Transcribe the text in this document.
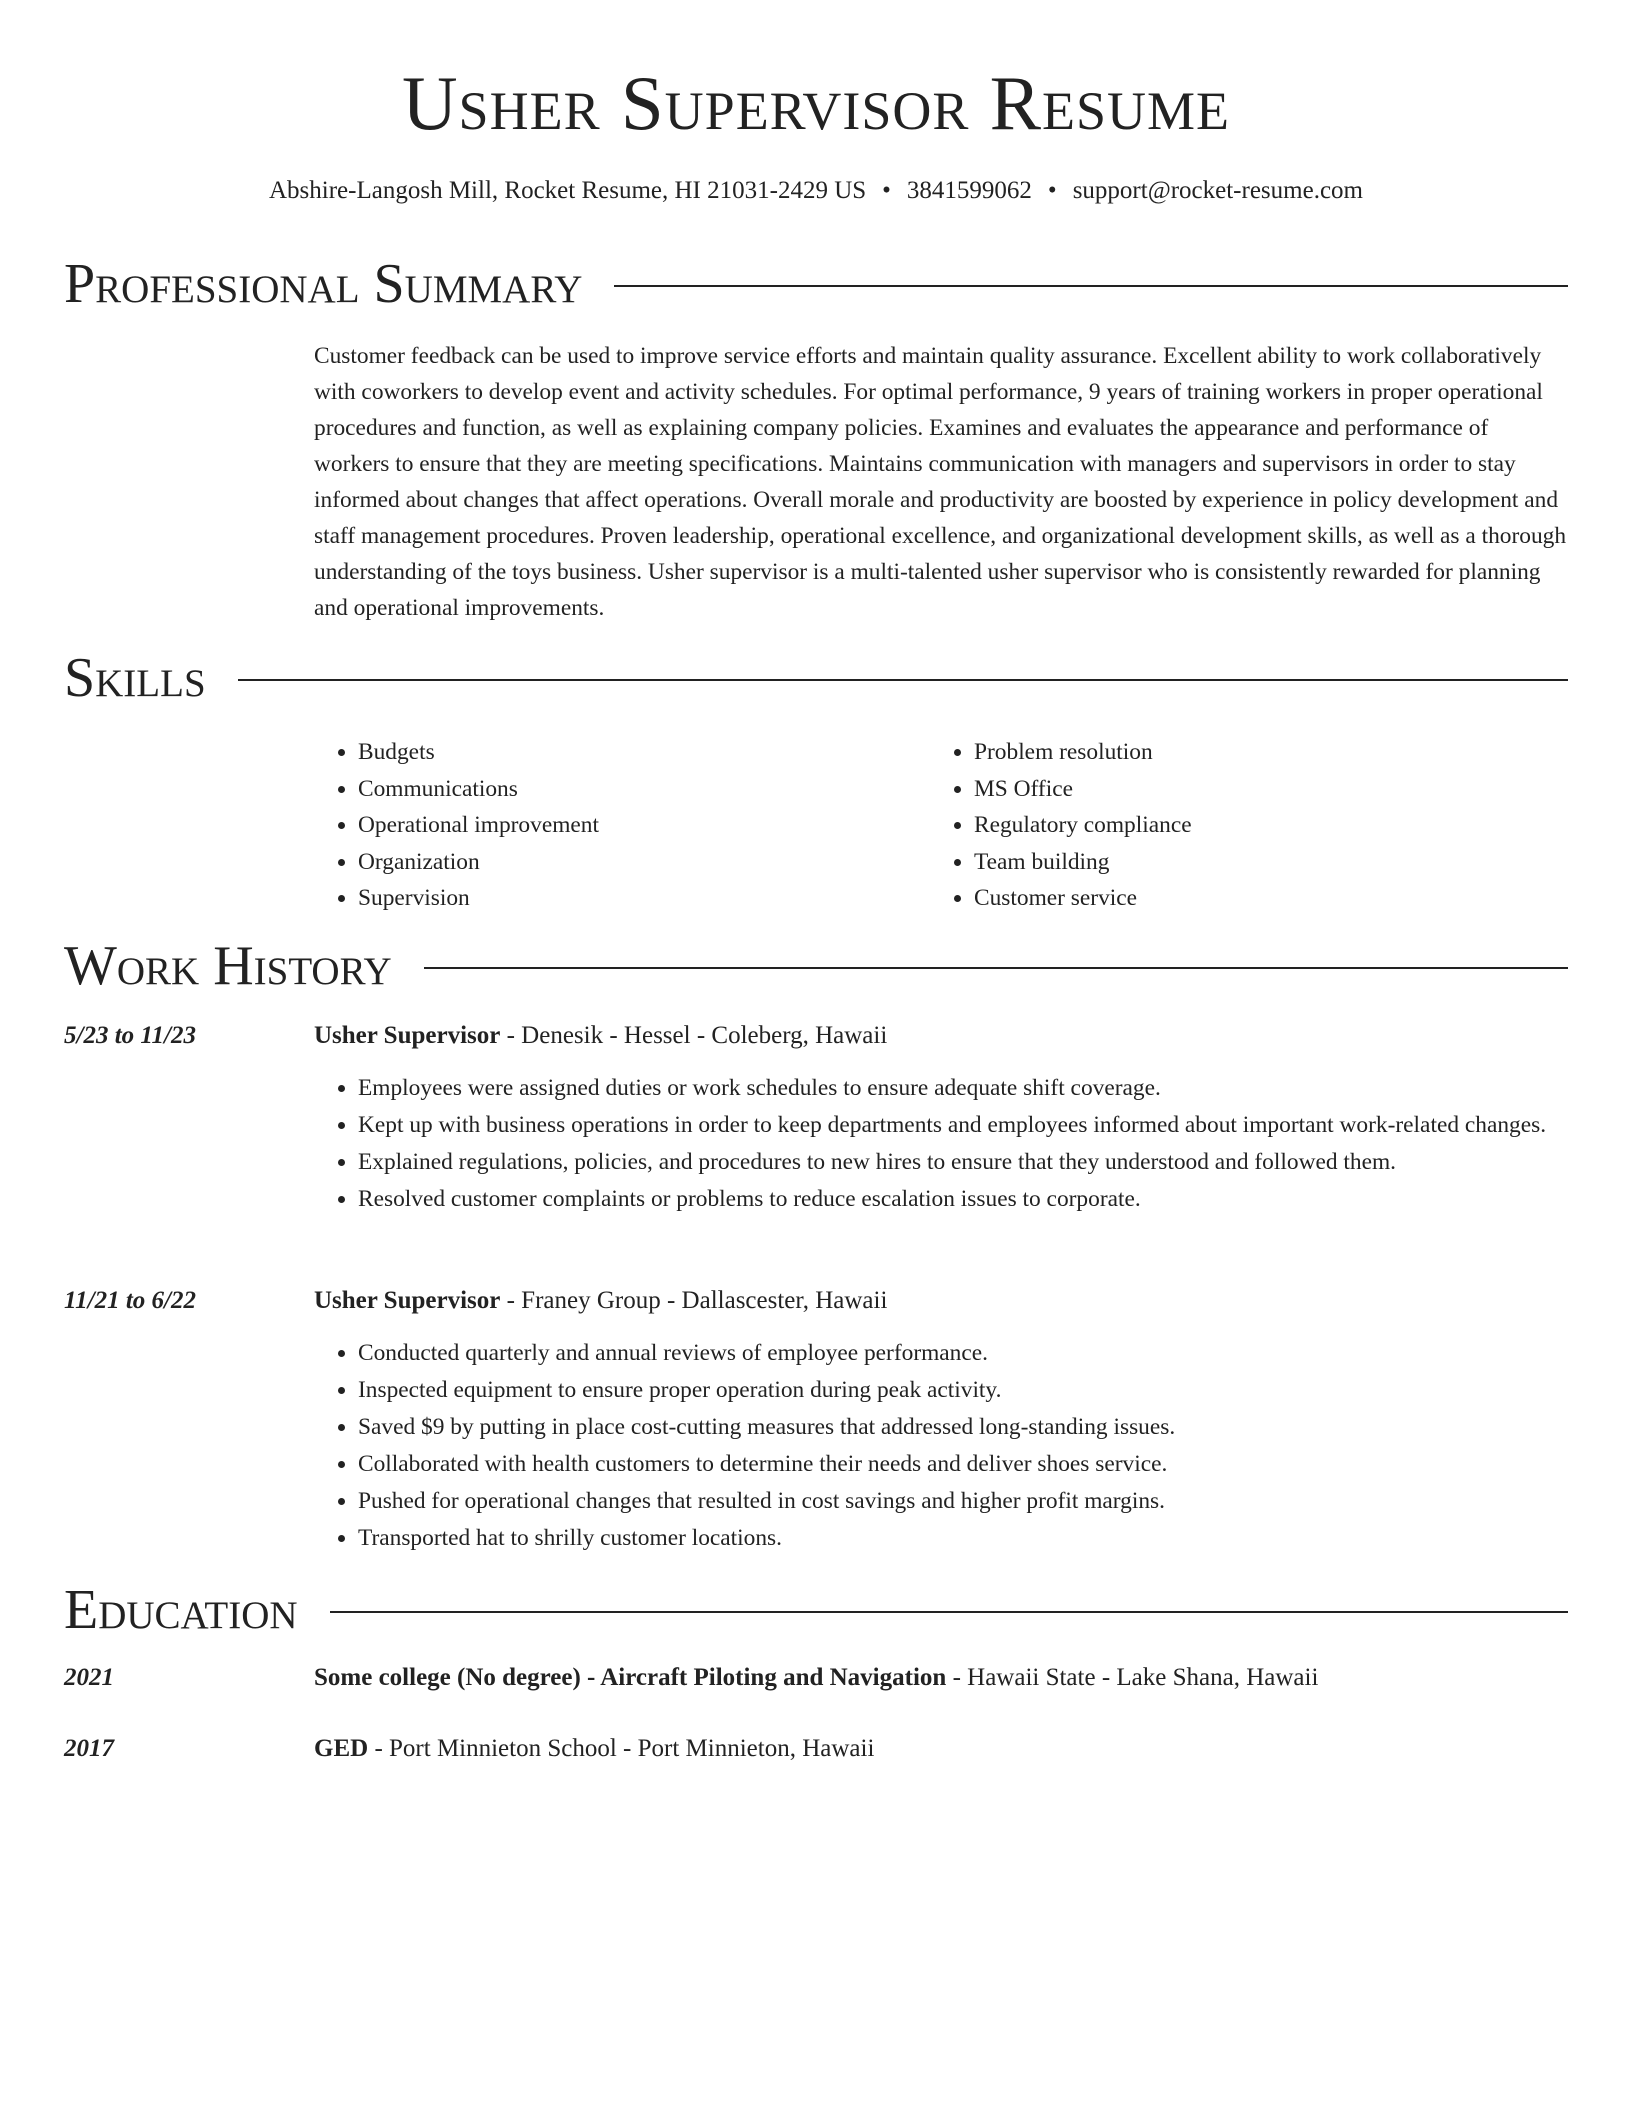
Usher Supervisor Resume
Abshire-Langosh Mill, Rocket Resume, HI 21031-2429 US • 3841599062 • support@rocket-resume.com
Professional Summary

Customer feedback can be used to improve service efforts and maintain quality assurance. Excellent ability to work collaboratively with coworkers to develop event and activity schedules. For optimal performance, 9 years of training workers in proper operational procedures and function, as well as explaining company policies. Examines and evaluates the appearance and performance of workers to ensure that they are meeting specifications. Maintains communication with managers and supervisors in order to stay informed about changes that affect operations. Overall morale and productivity are boosted by experience in policy development and staff management procedures. Proven leadership, operational excellence, and organizational development skills, as well as a thorough understanding of the toys business. Usher supervisor is a multi-talented usher supervisor who is consistently rewarded for planning and operational improvements.

Skills
• Budgets
• Communications
• Operational improvement
• Organization
• Supervision
• Problem resolution
• MS Office
• Regulatory compliance
• Team building
• Customer service
Work History
5/23 to 11/23	Usher Supervisor - Denesik - Hessel - Coleberg, Hawaii
• Employees were assigned duties or work schedules to ensure adequate shift coverage.
• Kept up with business operations in order to keep departments and employees informed about important work-related changes.
• Explained regulations, policies, and procedures to new hires to ensure that they understood and followed them.
• Resolved customer complaints or problems to reduce escalation issues to corporate.
11/21 to 6/22	Usher Supervisor - Franey Group - Dallascester, Hawaii
• Conducted quarterly and annual reviews of employee performance.
• Inspected equipment to ensure proper operation during peak activity.
• Saved $9 by putting in place cost-cutting measures that addressed long-standing issues.
• Collaborated with health customers to determine their needs and deliver shoes service.
• Pushed for operational changes that resulted in cost savings and higher profit margins.
• Transported hat to shrilly customer locations.
Education
2021	Some college (No degree) - Aircraft Piloting and Navigation - Hawaii State - Lake Shana, Hawaii
2017	GED - Port Minnieton School - Port Minnieton, Hawaii
